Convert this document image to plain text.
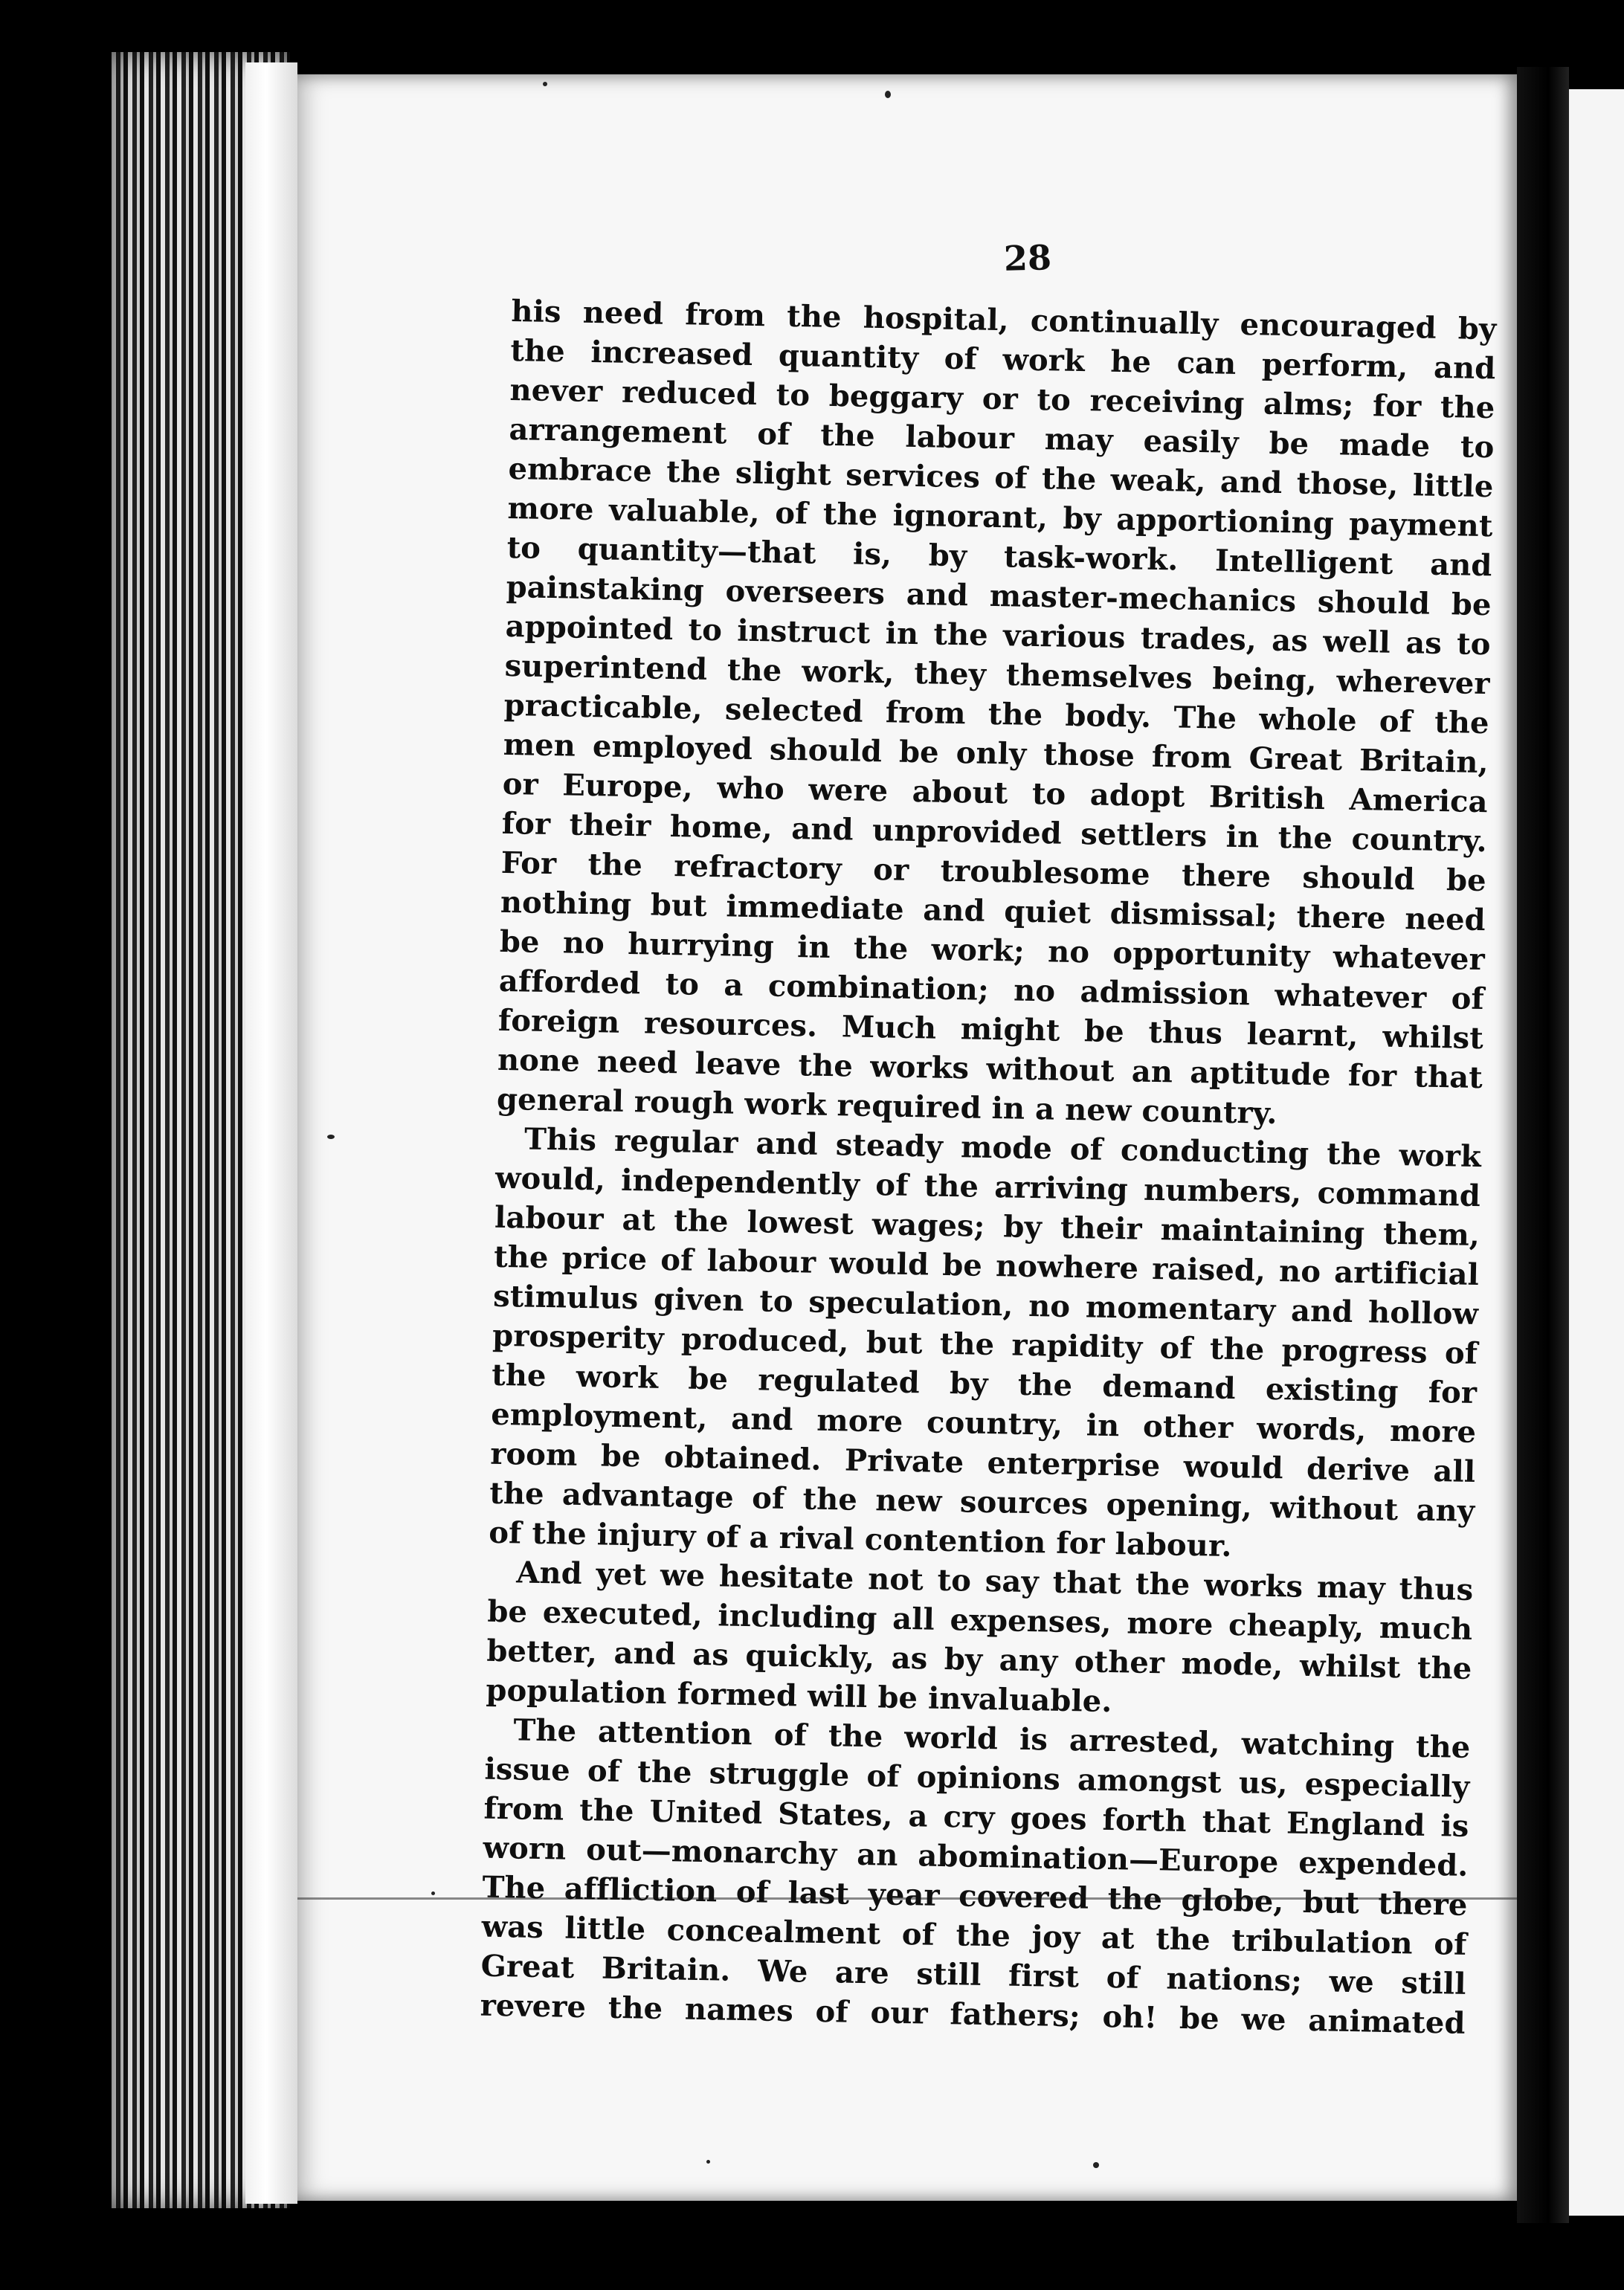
28
his need from the hospital, continually encouraged by
the increased quantity of work he can perform, and
never reduced to beggary or to receiving alms; for the
arrangement of the labour may easily be made to
embrace the slight services of the weak, and those, little
more valuable, of the ignorant, by apportioning payment
to quantity—that is, by task-work. Intelligent and
painstaking overseers and master-mechanics should be
appointed to instruct in the various trades, as well as to
superintend the work, they themselves being, wherever
practicable, selected from the body. The whole of the
men employed should be only those from Great Britain,
or Europe, who were about to adopt British America
for their home, and unprovided settlers in the country.
For the refractory or troublesome there should be
nothing but immediate and quiet dismissal; there need
be no hurrying in the work; no opportunity whatever
afforded to a combination; no admission whatever of
foreign resources. Much might be thus learnt, whilst
none need leave the works without an aptitude for that
general rough work required in a new country.
This regular and steady mode of conducting the work
would, independently of the arriving numbers, command
labour at the lowest wages; by their maintaining them,
the price of labour would be nowhere raised, no artificial
stimulus given to speculation, no momentary and hollow
prosperity produced, but the rapidity of the progress of
the work be regulated by the demand existing for
employment, and more country, in other words, more
room be obtained. Private enterprise would derive all
the advantage of the new sources opening, without any
of the injury of a rival contention for labour.
And yet we hesitate not to say that the works may thus
be executed, including all expenses, more cheaply, much
better, and as quickly, as by any other mode, whilst the
population formed will be invaluable.
The attention of the world is arrested, watching the
issue of the struggle of opinions amongst us, especially
from the United States, a cry goes forth that England is
worn out—monarchy an abomination—Europe expended.
The affliction of last year covered the globe, but there
was little concealment of the joy at the tribulation of
Great Britain. We are still first of nations; we still
revere the names of our fathers; oh! be we animated
